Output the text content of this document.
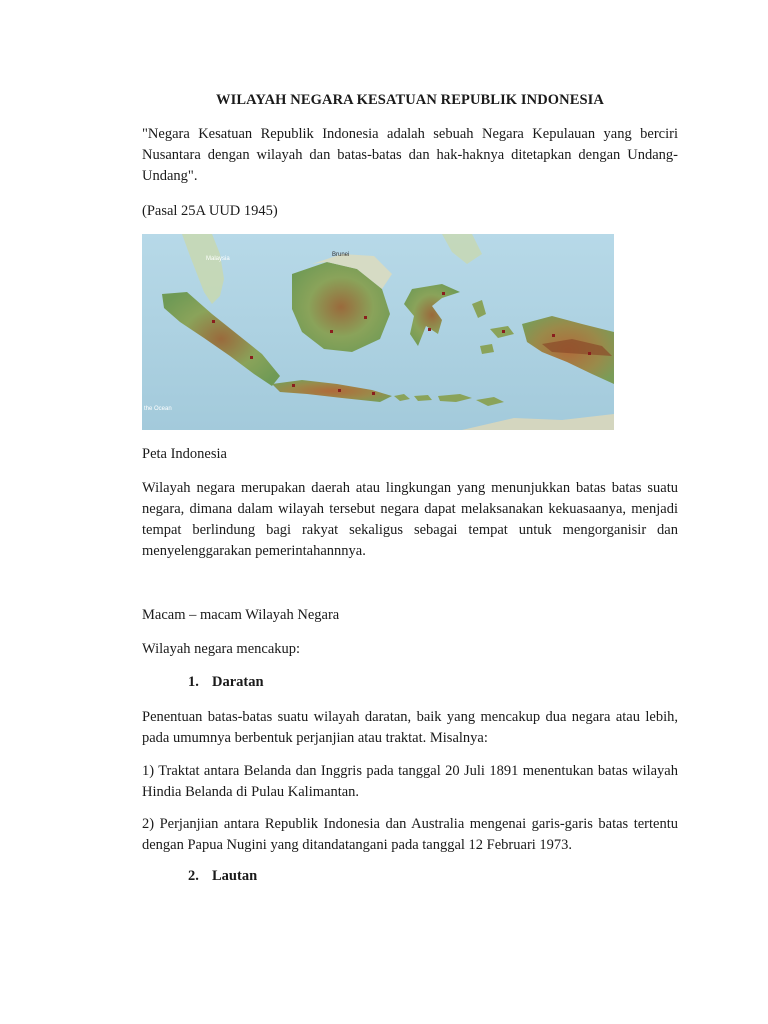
WILAYAH NEGARA KESATUAN REPUBLIK INDONESIA

"Negara Kesatuan Republik Indonesia adalah sebuah Negara Kepulauan yang berciri Nusantara dengan wilayah dan batas-batas dan hak-haknya ditetapkan dengan Undang-Undang".

(Pasal 25A UUD 1945)

Malaysia
Brunei
the Ocean

Peta Indonesia

Wilayah negara merupakan daerah atau lingkungan yang menunjukkan batas batas suatu negara, dimana dalam wilayah tersebut negara dapat melaksanakan kekuasaanya, menjadi tempat berlindung bagi rakyat sekaligus sebagai tempat untuk mengorganisir dan menyelenggarakan pemerintahannnya.

Macam – macam Wilayah Negara

Wilayah negara mencakup:

1. Daratan

Penentuan batas-batas suatu wilayah daratan, baik yang mencakup dua negara atau lebih, pada umumnya berbentuk perjanjian atau traktat. Misalnya:

1) Traktat antara Belanda dan Inggris pada tanggal 20 Juli 1891 menentukan batas wilayah Hindia Belanda di Pulau Kalimantan.

2) Perjanjian antara Republik Indonesia dan Australia mengenai garis-garis batas tertentu dengan Papua Nugini yang ditandatangani pada tanggal 12 Februari 1973.

2. Lautan
